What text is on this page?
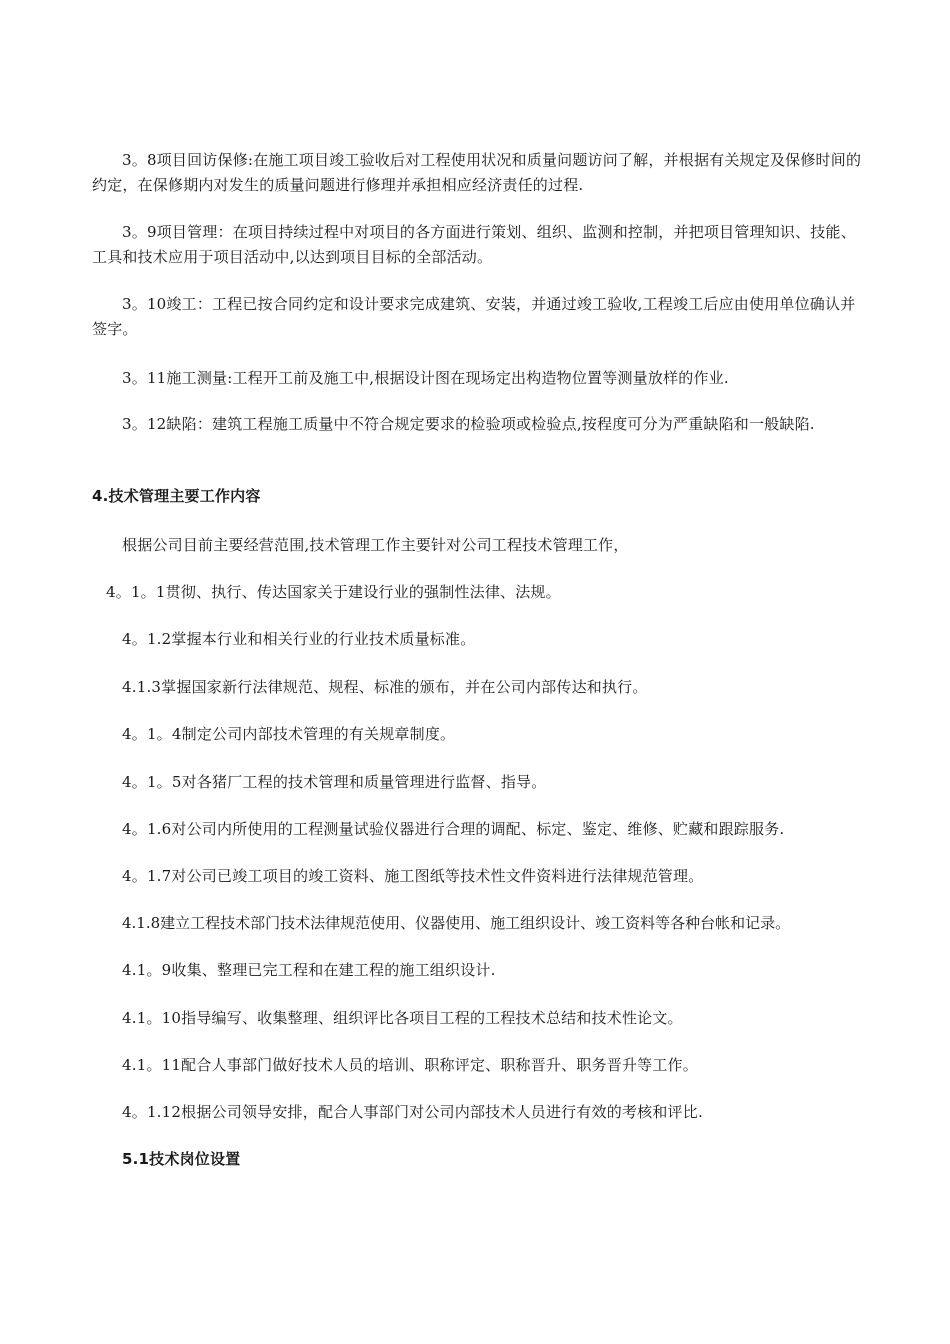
3。8项目回访保修:在施工项目竣工验收后对工程使用状况和质量问题访问了解，并根据有关规定及保修时间的约定，在保修期内对发生的质量问题进行修理并承担相应经济责任的过程.
3。9项目管理：在项目持续过程中对项目的各方面进行策划、组织、监测和控制，并把项目管理知识、技能、工具和技术应用于项目活动中,以达到项目目标的全部活动。
3。10竣工：工程已按合同约定和设计要求完成建筑、安装，并通过竣工验收,工程竣工后应由使用单位确认并签字。
3。11施工测量:工程开工前及施工中,根据设计图在现场定出构造物位置等测量放样的作业.
3。12缺陷：建筑工程施工质量中不符合规定要求的检验项或检验点,按程度可分为严重缺陷和一般缺陷.
4.技术管理主要工作内容
根据公司目前主要经营范围,技术管理工作主要针对公司工程技术管理工作，
4。1。1贯彻、执行、传达国家关于建设行业的强制性法律、法规。
4。1.2掌握本行业和相关行业的行业技术质量标准。
4.1.3掌握国家新行法律规范、规程、标准的颁布，并在公司内部传达和执行。
4。1。4制定公司内部技术管理的有关规章制度。
4。1。5对各猪厂工程的技术管理和质量管理进行监督、指导。
4。1.6对公司内所使用的工程测量试验仪器进行合理的调配、标定、鉴定、维修、贮藏和跟踪服务.
4。1.7对公司已竣工项目的竣工资料、施工图纸等技术性文件资料进行法律规范管理。
4.1.8建立工程技术部门技术法律规范使用、仪器使用、施工组织设计、竣工资料等各种台帐和记录。
4.1。9收集、整理已完工程和在建工程的施工组织设计.
4.1。10指导编写、收集整理、组织评比各项目工程的工程技术总结和技术性论文。
4.1。11配合人事部门做好技术人员的培训、职称评定、职称晋升、职务晋升等工作。
4。1.12根据公司领导安排，配合人事部门对公司内部技术人员进行有效的考核和评比.
5.1技术岗位设置
